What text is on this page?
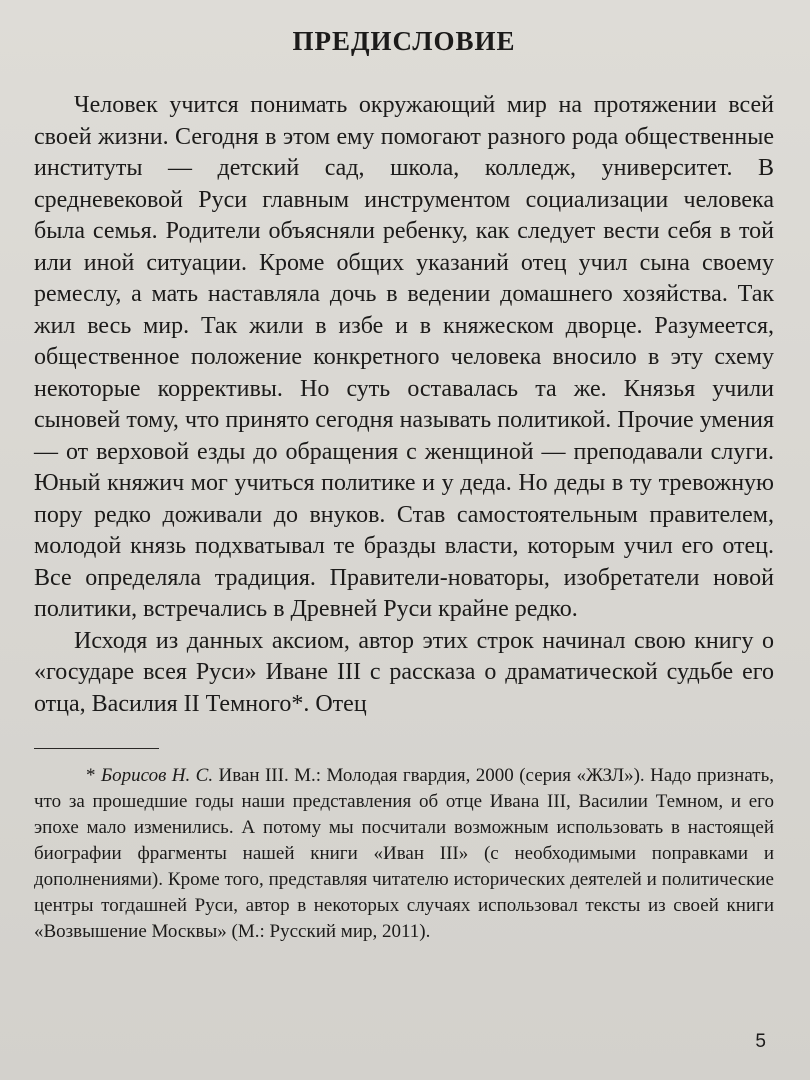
ПРЕДИСЛОВИЕ

Человек учится понимать окружающий мир на протяжении всей своей жизни. Сегодня в этом ему помогают разного рода общественные институты — детский сад, школа, колледж, университет. В средневековой Руси главным инструментом социализации человека была семья. Родители объясняли ребенку, как следует вести себя в той или иной ситуации. Кроме общих указаний отец учил сына своему ремеслу, а мать наставляла дочь в ведении домашнего хозяйства. Так жил весь мир. Так жили в избе и в княжеском дворце. Разумеется, общественное положение конкретного человека вносило в эту схему некоторые коррективы. Но суть оставалась та же. Князья учили сыновей тому, что принято сегодня называть политикой. Прочие умения — от верховой езды до обращения с женщиной — преподавали слуги. Юный княжич мог учиться политике и у деда. Но деды в ту тревожную пору редко доживали до внуков. Став самостоятельным правителем, молодой князь подхватывал те бразды власти, которым учил его отец. Все определяла традиция. Правители-новаторы, изобретатели новой политики, встречались в Древней Руси крайне редко.

Исходя из данных аксиом, автор этих строк начинал свою книгу о «государе всея Руси» Иване III с рассказа о драматической судьбе его отца, Василия II Темного*. Отец

* Борисов Н. С. Иван III. М.: Молодая гвардия, 2000 (серия «ЖЗЛ»). Надо признать, что за прошедшие годы наши представления об отце Ивана III, Василии Темном, и его эпохе мало изменились. А потому мы посчитали возможным использовать в настоящей биографии фрагменты нашей книги «Иван III» (с необходимыми поправками и дополнениями). Кроме того, представляя читателю исторических деятелей и политические центры тогдашней Руси, автор в некоторых случаях использовал тексты из своей книги «Возвышение Москвы» (М.: Русский мир, 2011).

5
